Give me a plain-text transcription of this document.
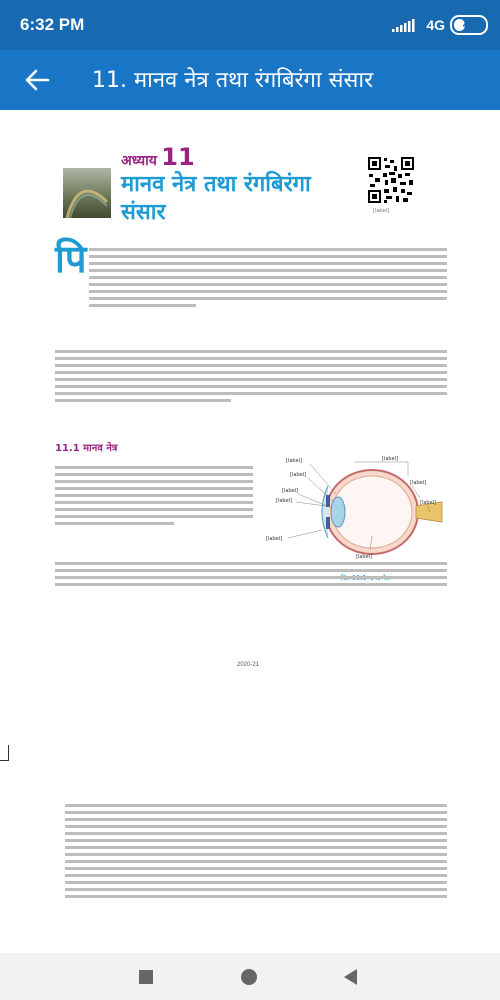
6:32 PM	4G	41
11. मानव नेत्र तथा रंगबिरंगा संसार
अध्याय 11
मानव नेत्र तथा रंगबिरंगा संसार	[label]
पि
11.1 मानव नेत्र
[label]
[label]
[label]
[label]
[label]
[label]
[label]
[label]
[label]
2020-21
